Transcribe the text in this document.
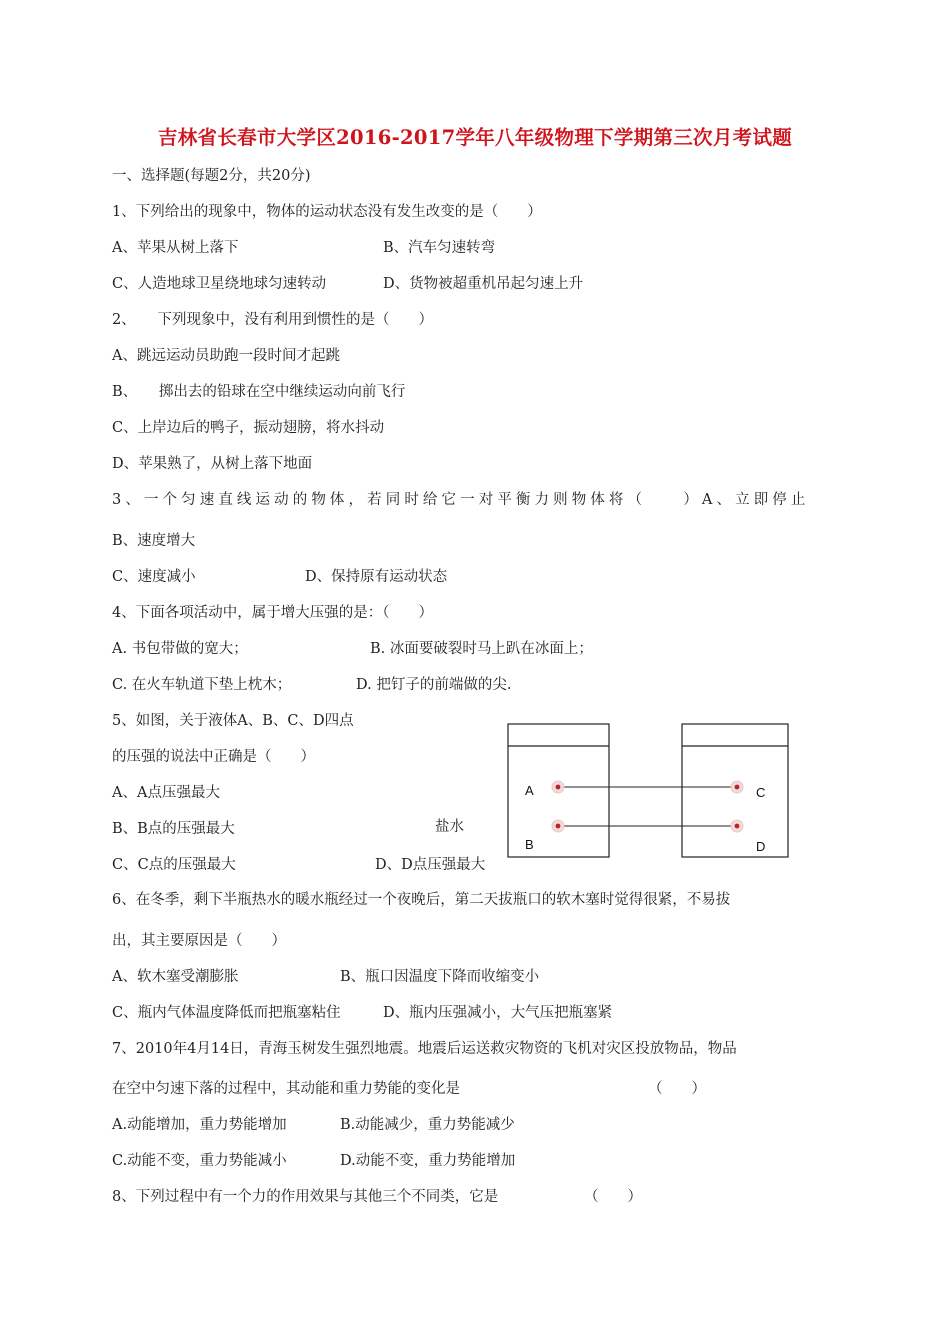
吉林省长春市大学区2016-2017学年八年级物理下学期第三次月考试题
一、选择题(每题2分，共20分)
1、下列给出的现象中，物体的运动状态没有发生改变的是（　　）
A、苹果从树上落下	B、汽车匀速转弯
C、人造地球卫星绕地球匀速转动	D、货物被超重机吊起匀速上升
2、　　下列现象中，没有利用到惯性的是（　　）
A、跳远运动员助跑一段时间才起跳
B、　　掷出去的铅球在空中继续运动向前飞行
C、上岸边后的鸭子，振动翅膀，将水抖动
D、苹果熟了，从树上落下地面
3、一个匀速直线运动的物体，若同时给它一对平衡力则物体将（　　）A、立即停止
B、速度增大
C、速度减小	D、保持原有运动状态
4、下面各项活动中，属于增大压强的是：（　　）
A. 书包带做的宽大；	B. 冰面要破裂时马上趴在冰面上；
C. 在火车轨道下垫上枕木；	D. 把钉子的前端做的尖.
5、如图，关于液体A、B、C、D四点
的压强的说法中正确是（　　）
A、A点压强最大
B、B点的压强最大
C、C点的压强最大	D、D点压强最大
盐水
A
B
C
D
6、在冬季，剩下半瓶热水的暖水瓶经过一个夜晚后，第二天拔瓶口的软木塞时觉得很紧，不易拔
出，其主要原因是（　　）
A、软木塞受潮膨胀	B、瓶口因温度下降而收缩变小
C、瓶内气体温度降低而把瓶塞粘住	D、瓶内压强减小，大气压把瓶塞紧
7、2010年4月14日，青海玉树发生强烈地震。地震后运送救灾物资的飞机对灾区投放物品，物品
在空中匀速下落的过程中，其动能和重力势能的变化是	（　　）
A.动能增加，重力势能增加	B.动能减少，重力势能减少
C.动能不变，重力势能减小	D.动能不变，重力势能增加
8、下列过程中有一个力的作用效果与其他三个不同类，它是	（　　）
